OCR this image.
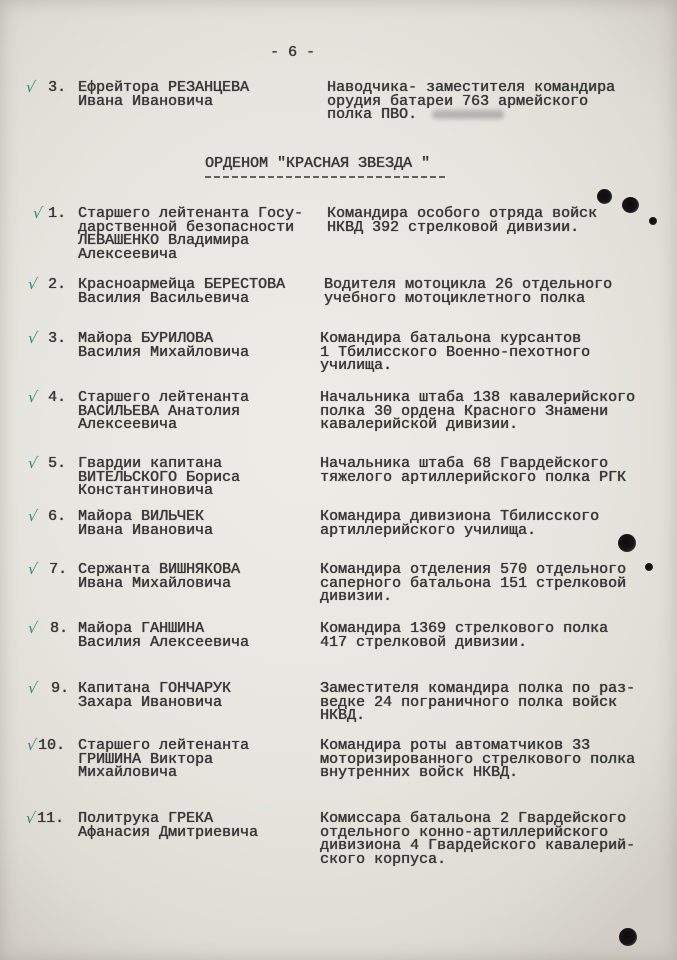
- 6 -
√ 3. Ефрейтора РЕЗАНЦЕВА
Ивана Ивановича
Наводчика- заместителя командира
орудия батареи 763 армейского
полка ПВО.
ОРДЕНОМ "КРАСНАЯ ЗВЕЗДА "
√ 1. Старшего лейтенанта Госу-
дарственной безопасности
ЛЕВАШЕНКО Владимира
Алексеевича
Командира особого отряда войск
НКВД 392 стрелковой дивизии.
√ 2. Красноармейца БЕРЕСТОВА
Василия Васильевича
Водителя мотоцикла 26 отдельного
учебного мотоциклетного полка
√ 3. Майора БУРИЛОВА
Василия Михайловича
Командира батальона курсантов
1 Тбилисского Военно-пехотного
училища.
√ 4. Старшего лейтенанта
ВАСИЛЬЕВА Анатолия
Алексеевича
Начальника штаба 138 кавалерийского
полка 30 ордена Красного Знамени
кавалерийской дивизии.
√ 5. Гвардии капитана
ВИТЕЛЬСКОГО Бориса
Константиновича
Начальника штаба 68 Гвардейского
тяжелого артиллерийского полка РГК
√ 6. Майора ВИЛЬЧЕК
Ивана Ивановича
Командира дивизиона Тбилисского
артиллерийского училища.
√ 7. Сержанта ВИШНЯКОВА
Ивана Михайловича
Командира отделения 570 отдельного
саперного батальона 151 стрелковой
дивизии.
√ 8. Майора ГАНШИНА
Василия Алексеевича
Командира 1369 стрелкового полка
417 стрелковой дивизии.
√ 9. Капитана ГОНЧАРУК
Захара Ивановича
Заместителя командира полка по раз-
ведке 24 пограничного полка войск
НКВД.
√ 10. Старшего лейтенанта
ГРИШИНА Виктора
Михайловича
Командира роты автоматчиков 33
моторизированного стрелкового полка
внутренних войск НКВД.
√ 11. Политрука ГРЕКА
Афанасия Дмитриевича
Комиссара батальона 2 Гвардейского
отдельного конно-артиллерийского
дивизиона 4 Гвардейского кавалерий-
ского корпуса.
